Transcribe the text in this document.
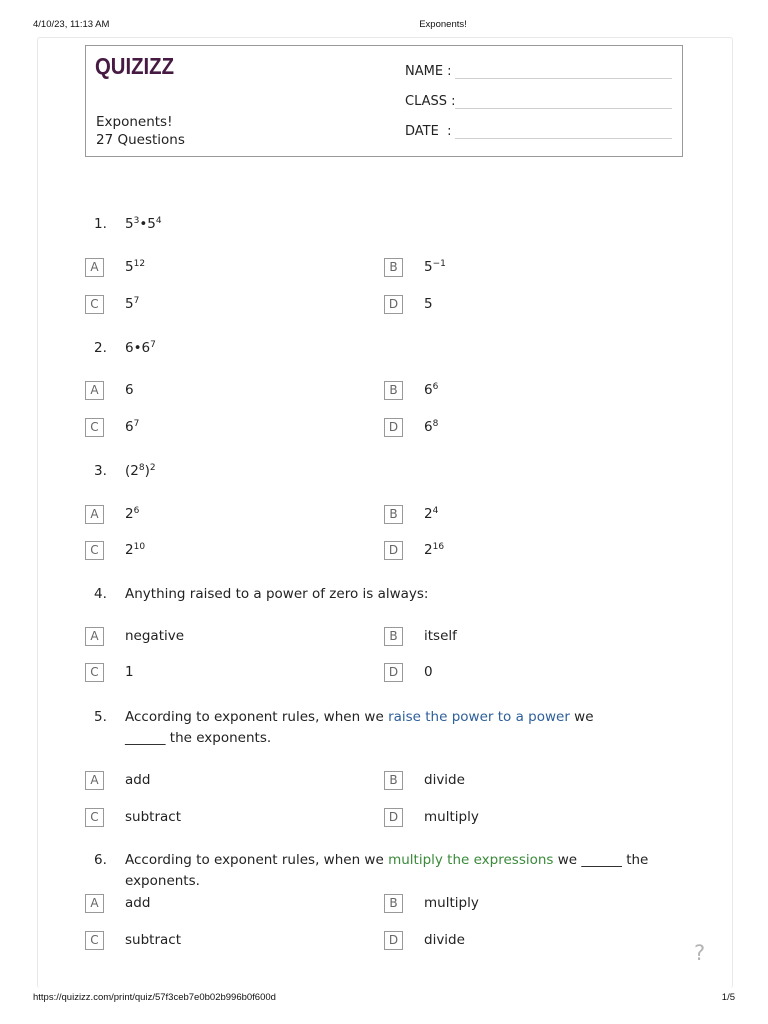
4/10/23, 11:13 AM	Exponents!
https://quizizz.com/print/quiz/57f3ceb7e0b02b996b0f600d	1/5
QUIZIZZ
Exponents!
27 Questions
NAME :
CLASS :
DATE  :
1. $5^3•5^4$
A	$5^{12}$	B	$5^{-1}$
C	$5^7$	D	5
2. $6•6^7$
A	6	B	$6^6$
C	$6^7$	D	$6^8$
3. $(2^8)^2$
A	$2^6$	B	$2^4$
C	$2^{10}$	D	$2^{16}$
4. Anything raised to a power of zero is always:
A	negative	B	itself
C	1	D	0
5. According to exponent rules, when we raise the power to a power we ______ the exponents.
A	add	B	divide
C	subtract	D	multiply
6. According to exponent rules, when we multiply the expressions we ______ the exponents.
A	add	B	multiply
C	subtract	D	divide
?
